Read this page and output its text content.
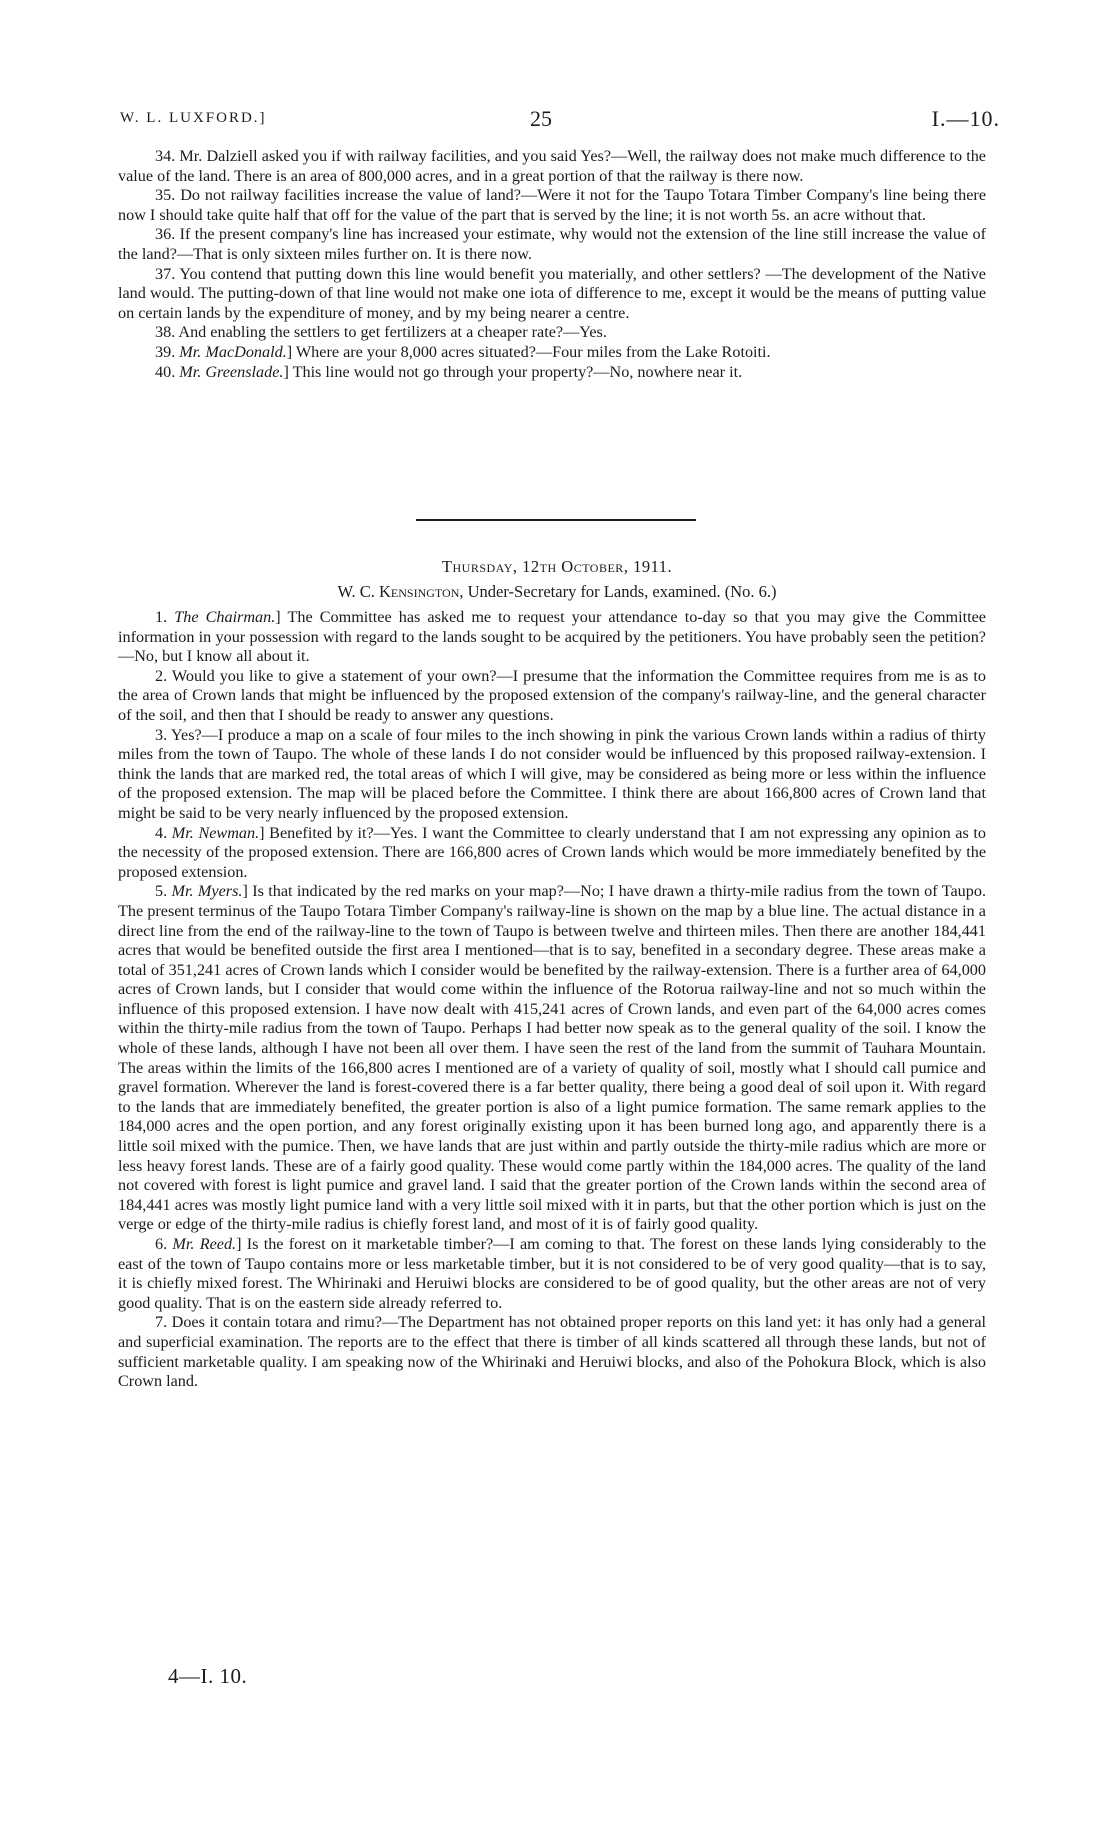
W. L. LUXFORD.]	25	I.—10.

34. Mr. Dalziell asked you if with railway facilities, and you said Yes?—Well, the railway does not make much difference to the value of the land. There is an area of 800,000 acres, and in a great portion of that the railway is there now.

35. Do not railway facilities increase the value of land?—Were it not for the Taupo Totara Timber Company's line being there now I should take quite half that off for the value of the part that is served by the line; it is not worth 5s. an acre without that.

36. If the present company's line has increased your estimate, why would not the extension of the line still increase the value of the land?—That is only sixteen miles further on. It is there now.

37. You contend that putting down this line would benefit you materially, and other settlers? —The development of the Native land would. The putting-down of that line would not make one iota of difference to me, except it would be the means of putting value on certain lands by the expenditure of money, and by my being nearer a centre.

38. And enabling the settlers to get fertilizers at a cheaper rate?—Yes.

39. Mr. MacDonald.] Where are your 8,000 acres situated?—Four miles from the Lake Rotoiti.

40. Mr. Greenslade.] This line would not go through your property?—No, nowhere near it.

Thursday, 12th October, 1911.
W. C. Kensington, Under-Secretary for Lands, examined. (No. 6.)

1. The Chairman.] The Committee has asked me to request your attendance to-day so that you may give the Committee information in your possession with regard to the lands sought to be acquired by the petitioners. You have probably seen the petition?—No, but I know all about it.

2. Would you like to give a statement of your own?—I presume that the information the Committee requires from me is as to the area of Crown lands that might be influenced by the proposed extension of the company's railway-line, and the general character of the soil, and then that I should be ready to answer any questions.

3. Yes?—I produce a map on a scale of four miles to the inch showing in pink the various Crown lands within a radius of thirty miles from the town of Taupo. The whole of these lands I do not consider would be influenced by this proposed railway-extension. I think the lands that are marked red, the total areas of which I will give, may be considered as being more or less within the influence of the proposed extension. The map will be placed before the Committee. I think there are about 166,800 acres of Crown land that might be said to be very nearly influenced by the proposed extension.

4. Mr. Newman.] Benefited by it?—Yes. I want the Committee to clearly understand that I am not expressing any opinion as to the necessity of the proposed extension. There are 166,800 acres of Crown lands which would be more immediately benefited by the proposed extension.

5. Mr. Myers.] Is that indicated by the red marks on your map?—No; I have drawn a thirty-mile radius from the town of Taupo. The present terminus of the Taupo Totara Timber Company's railway-line is shown on the map by a blue line. The actual distance in a direct line from the end of the railway-line to the town of Taupo is between twelve and thirteen miles. Then there are another 184,441 acres that would be benefited outside the first area I mentioned—that is to say, benefited in a secondary degree. These areas make a total of 351,241 acres of Crown lands which I consider would be benefited by the railway-extension. There is a further area of 64,000 acres of Crown lands, but I consider that would come within the influence of the Rotorua railway-line and not so much within the influence of this proposed extension. I have now dealt with 415,241 acres of Crown lands, and even part of the 64,000 acres comes within the thirty-mile radius from the town of Taupo. Perhaps I had better now speak as to the general quality of the soil. I know the whole of these lands, although I have not been all over them. I have seen the rest of the land from the summit of Tauhara Mountain. The areas within the limits of the 166,800 acres I mentioned are of a variety of quality of soil, mostly what I should call pumice and gravel formation. Wherever the land is forest-covered there is a far better quality, there being a good deal of soil upon it. With regard to the lands that are immediately benefited, the greater portion is also of a light pumice formation. The same remark applies to the 184,000 acres and the open portion, and any forest originally existing upon it has been burned long ago, and apparently there is a little soil mixed with the pumice. Then, we have lands that are just within and partly outside the thirty-mile radius which are more or less heavy forest lands. These are of a fairly good quality. These would come partly within the 184,000 acres. The quality of the land not covered with forest is light pumice and gravel land. I said that the greater portion of the Crown lands within the second area of 184,441 acres was mostly light pumice land with a very little soil mixed with it in parts, but that the other portion which is just on the verge or edge of the thirty-mile radius is chiefly forest land, and most of it is of fairly good quality.

6. Mr. Reed.] Is the forest on it marketable timber?—I am coming to that. The forest on these lands lying considerably to the east of the town of Taupo contains more or less marketable timber, but it is not considered to be of very good quality—that is to say, it is chiefly mixed forest. The Whirinaki and Heruiwi blocks are considered to be of good quality, but the other areas are not of very good quality. That is on the eastern side already referred to.

7. Does it contain totara and rimu?—The Department has not obtained proper reports on this land yet: it has only had a general and superficial examination. The reports are to the effect that there is timber of all kinds scattered all through these lands, but not of sufficient marketable quality. I am speaking now of the Whirinaki and Heruiwi blocks, and also of the Pohokura Block, which is also Crown land.

4—I. 10.
